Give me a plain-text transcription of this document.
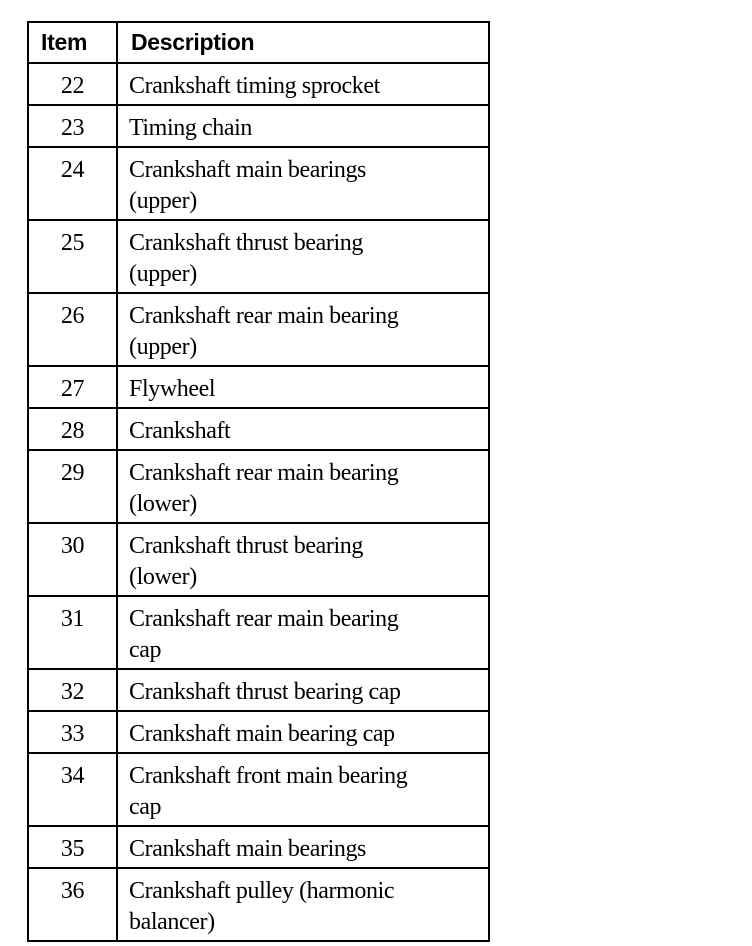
Item	Description
22	Crankshaft timing sprocket
23	Timing chain
24	Crankshaft main bearings
(upper)
25	Crankshaft thrust bearing
(upper)
26	Crankshaft rear main bearing
(upper)
27	Flywheel
28	Crankshaft
29	Crankshaft rear main bearing
(lower)
30	Crankshaft thrust bearing
(lower)
31	Crankshaft rear main bearing
cap
32	Crankshaft thrust bearing cap
33	Crankshaft main bearing cap
34	Crankshaft front main bearing
cap
35	Crankshaft main bearings
36	Crankshaft pulley (harmonic
balancer)
